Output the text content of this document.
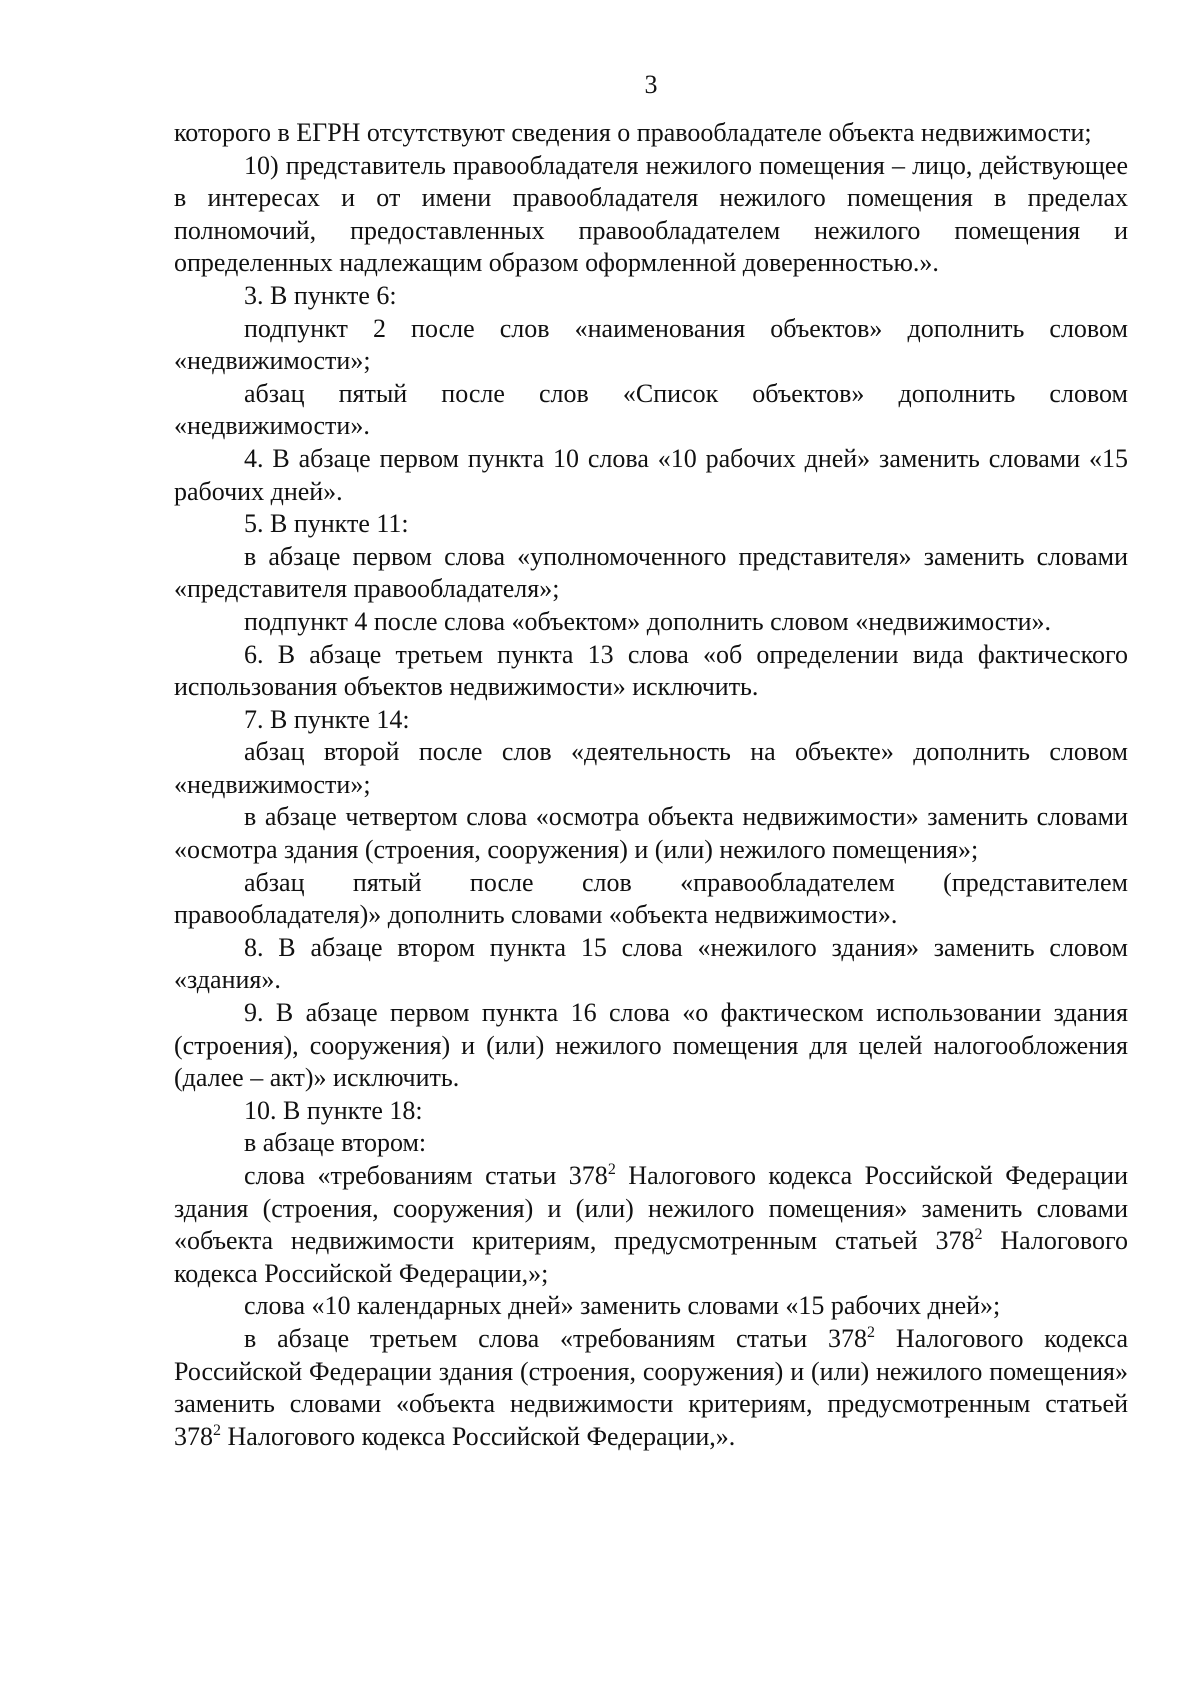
3

которого в ЕГРН отсутствуют сведения о правообладателе объекта недвижимости;

10) представитель правообладателя нежилого помещения – лицо, действующее в интересах и от имени правообладателя нежилого помещения в пределах полномочий, предоставленных правообладателем нежилого помещения и определенных надлежащим образом оформленной доверенностью.».

3. В пункте 6:

подпункт 2 после слов «наименования объектов» дополнить словом «недвижимости»;

абзац пятый после слов «Список объектов» дополнить словом «недвижимости».

4. В абзаце первом пункта 10 слова «10 рабочих дней» заменить словами «15 рабочих дней».

5. В пункте 11:

в абзаце первом слова «уполномоченного представителя» заменить словами «представителя правообладателя»;

подпункт 4 после слова «объектом» дополнить словом «недвижимости».

6. В абзаце третьем пункта 13 слова «об определении вида фактического использования объектов недвижимости» исключить.

7. В пункте 14:

абзац второй после слов «деятельность на объекте» дополнить словом «недвижимости»;

в абзаце четвертом слова «осмотра объекта недвижимости» заменить словами «осмотра здания (строения, сооружения) и (или) нежилого помещения»;

абзац пятый после слов «правообладателем (представителем правообладателя)» дополнить словами «объекта недвижимости».

8. В абзаце втором пункта 15 слова «нежилого здания» заменить словом «здания».

9. В абзаце первом пункта 16 слова «о фактическом использовании здания (строения), сооружения) и (или) нежилого помещения для целей налогообложения (далее – акт)» исключить.

10. В пункте 18:

в абзаце втором:

слова «требованиям статьи $378^2$ Налогового кодекса Российской Федерации здания (строения, сооружения) и (или) нежилого помещения» заменить словами «объекта недвижимости критериям, предусмотренным статьей $378^2$ Налогового кодекса Российской Федерации,»;

слова «10 календарных дней» заменить словами «15 рабочих дней»;

в абзаце третьем слова «требованиям статьи $378^2$ Налогового кодекса Российской Федерации здания (строения, сооружения) и (или) нежилого помещения» заменить словами «объекта недвижимости критериям, предусмотренным статьей $378^2$ Налогового кодекса Российской Федерации,».
